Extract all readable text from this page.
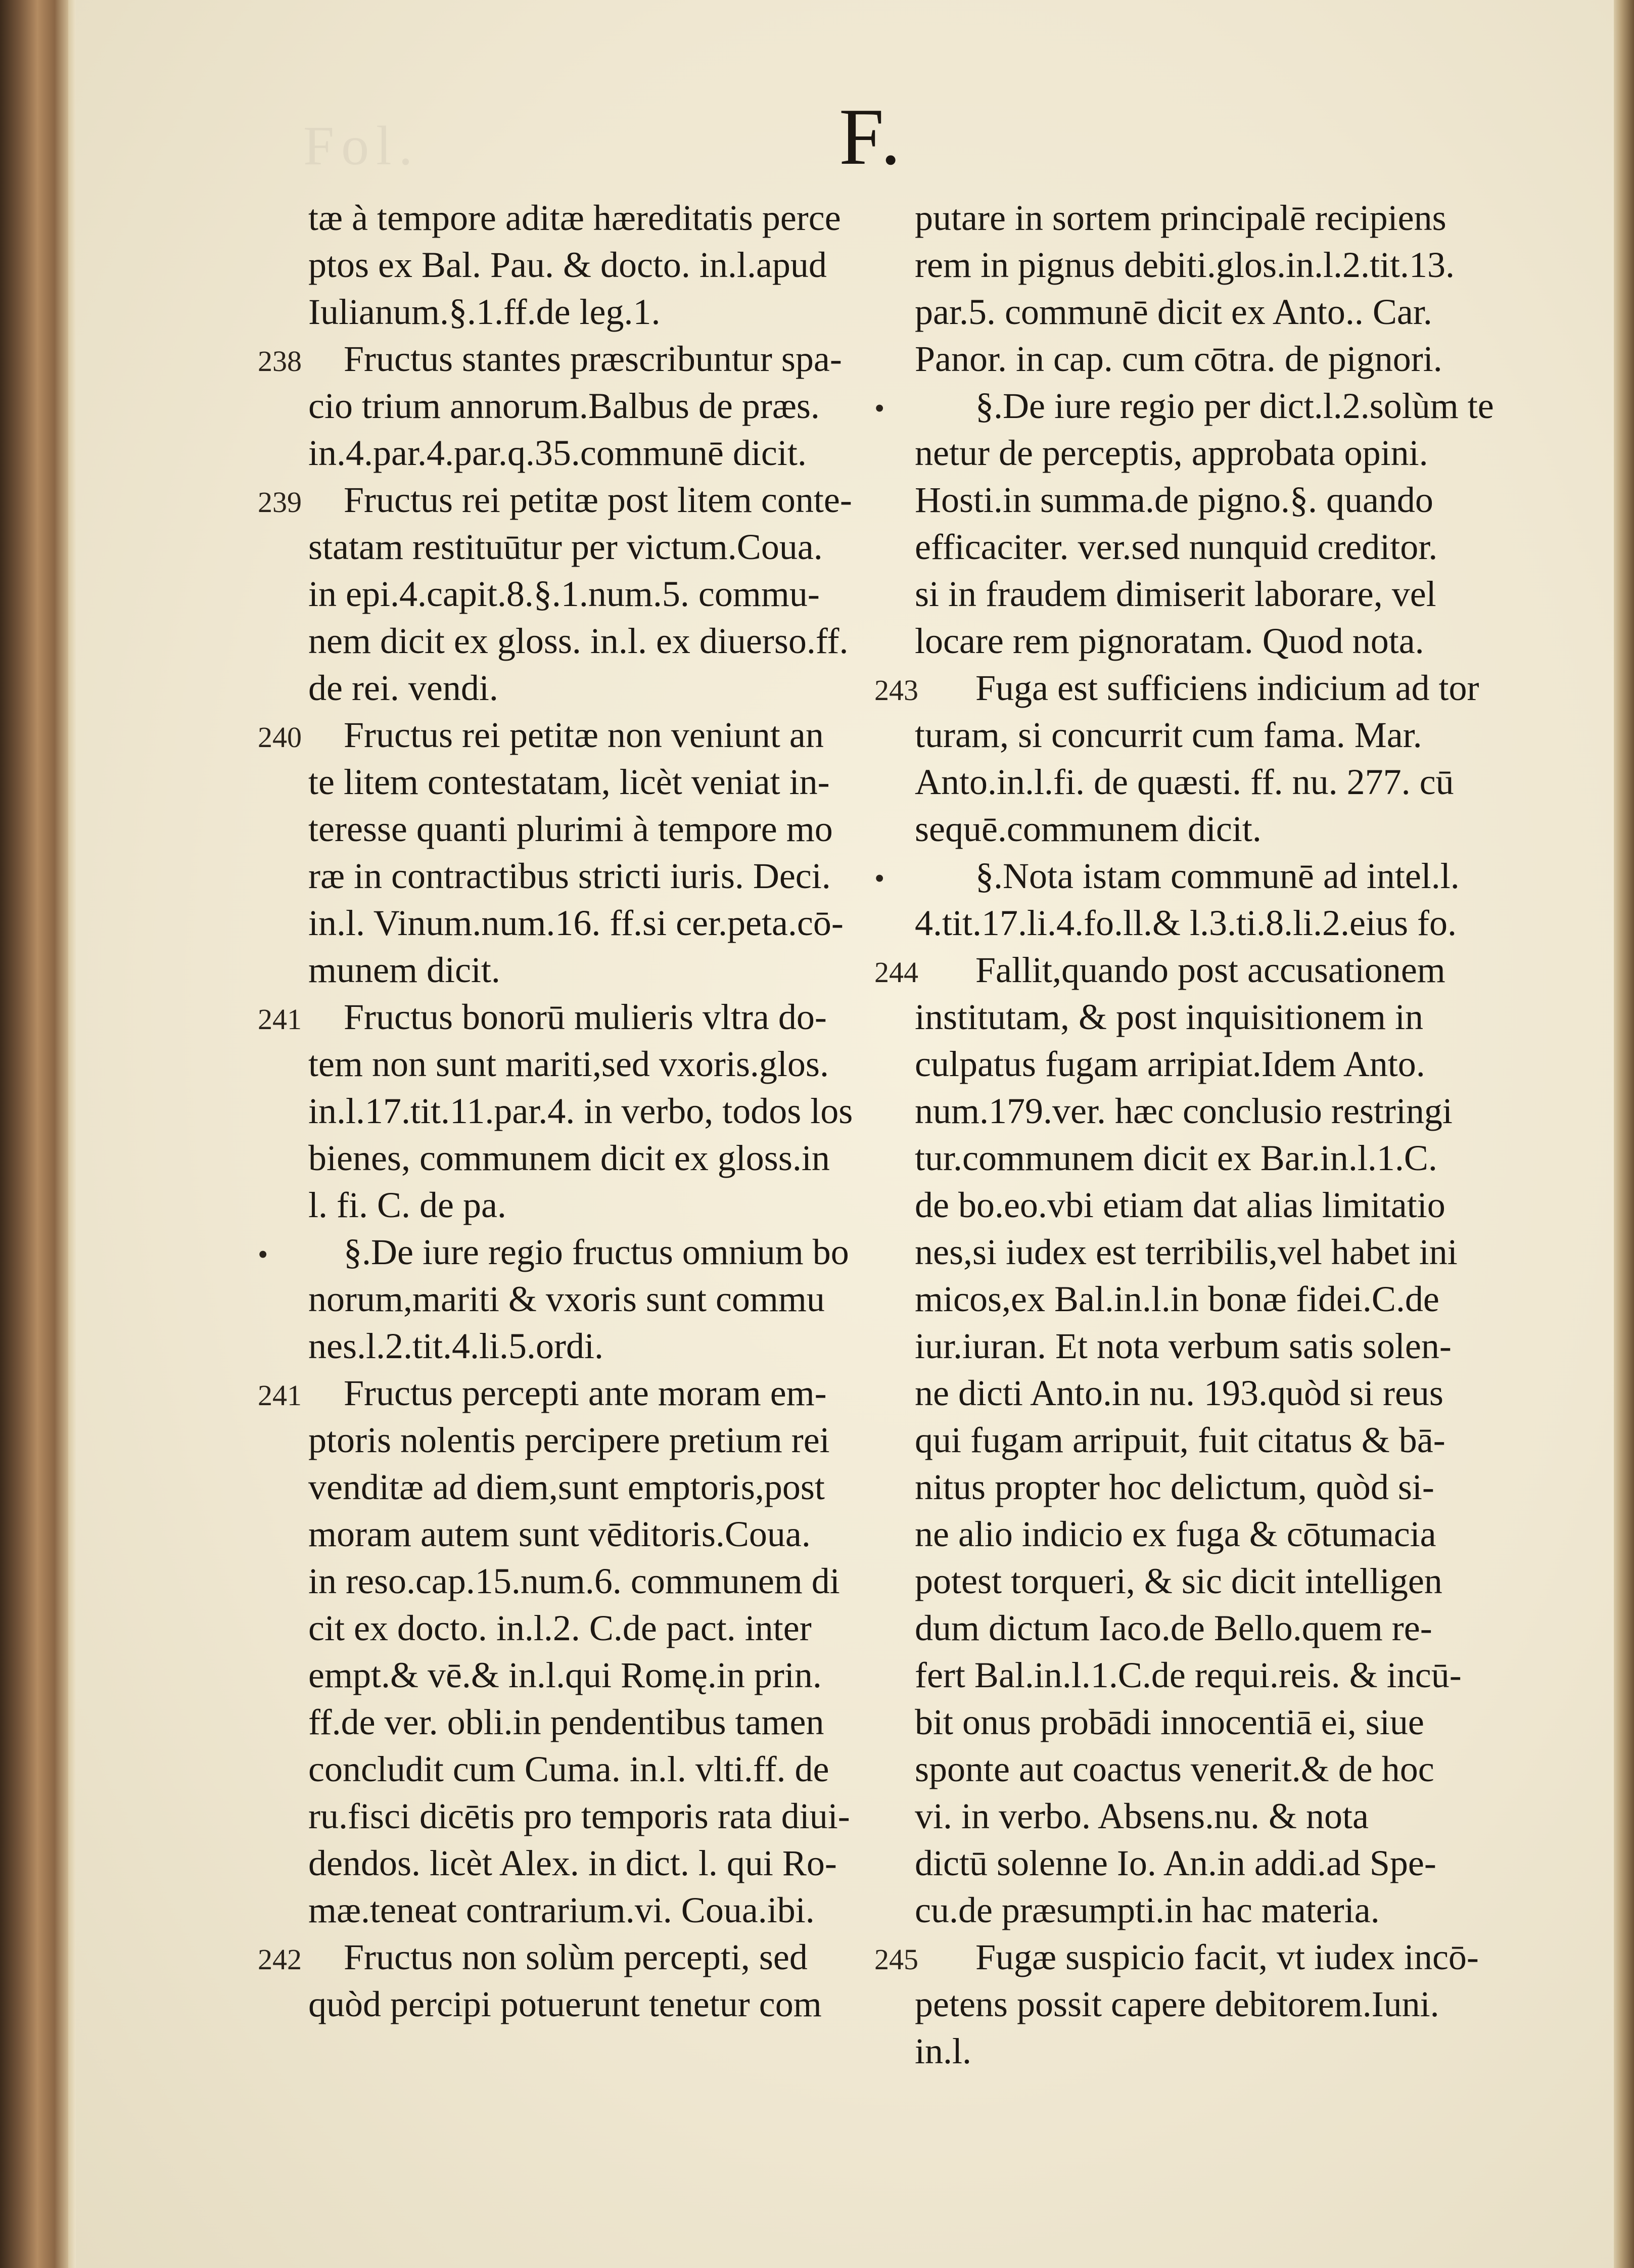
Fol.	F.
tæ à tempore aditæ hæreditatis perce
ptos ex Bal. Pau. & docto. in.l.apud
Iulianum.§.1.ff.de leg.1.
Fructus stantes præscribuntur spa-
238
cio trium annorum.Balbus de præs.
in.4.par.4.par.q.35.communē dicit.
Fructus rei petitæ post litem conte-
239
statam restituūtur per victum.Coua.
in epi.4.capit.8.§.1.num.5. commu-
nem dicit ex gloss. in.l. ex diuerso.ff.
de rei. vendi.
Fructus rei petitæ non veniunt an
240
te litem contestatam, licèt veniat in-
teresse quanti plurimi à tempore mo
ræ in contractibus stricti iuris. Deci.
in.l. Vinum.num.16. ff.si cer.peta.cō-
munem dicit.
Fructus bonorū mulieris vltra do-
241
tem non sunt mariti,sed vxoris.glos.
in.l.17.tit.11.par.4. in verbo, todos los
bienes, communem dicit ex gloss.in
l. fi. C. de pa.
§.De iure regio fructus omnium bo
•
norum,mariti & vxoris sunt commu
nes.l.2.tit.4.li.5.ordi.
Fructus percepti ante moram em-
241
ptoris nolentis percipere pretium rei
venditæ ad diem,sunt emptoris,post
moram autem sunt vēditoris.Coua.
in reso.cap.15.num.6. communem di
cit ex docto. in.l.2. C.de pact. inter
empt.& vē.& in.l.qui Romę.in prin.
ff.de ver. obli.in pendentibus tamen
concludit cum Cuma. in.l. vlti.ff. de
ru.fisci dicētis pro temporis rata diui-
dendos. licèt Alex. in dict. l. qui Ro-
mæ.teneat contrarium.vi. Coua.ibi.
Fructus non solùm percepti, sed
242
quòd percipi potuerunt tenetur com
putare in sortem principalē recipiens
rem in pignus debiti.glos.in.l.2.tit.13.
par.5. communē dicit ex Anto.. Car.
Panor. in cap. cum cōtra. de pignori.
§.De iure regio per dict.l.2.solùm te
•
netur de perceptis, approbata opini.
Hosti.in summa.de pigno.§. quando
efficaciter. ver.sed nunquid creditor.
si in fraudem dimiserit laborare, vel
locare rem pignoratam. Quod nota.
Fuga est sufficiens indicium ad tor
243
turam, si concurrit cum fama. Mar.
Anto.in.l.fi. de quæsti. ff. nu. 277. cū
sequē.communem dicit.
§.Nota istam communē ad intel.l.
•
4.tit.17.li.4.fo.ll.& l.3.ti.8.li.2.eius fo.
Fallit,quando post accusationem
244
institutam, & post inquisitionem in
culpatus fugam arripiat.Idem Anto.
num.179.ver. hæc conclusio restringi
tur.communem dicit ex Bar.in.l.1.C.
de bo.eo.vbi etiam dat alias limitatio
nes,si iudex est terribilis,vel habet ini
micos,ex Bal.in.l.in bonæ fidei.C.de
iur.iuran. Et nota verbum satis solen-
ne dicti Anto.in nu. 193.quòd si reus
qui fugam arripuit, fuit citatus & bā-
nitus propter hoc delictum, quòd si-
ne alio indicio ex fuga & cōtumacia
potest torqueri, & sic dicit intelligen
dum dictum Iaco.de Bello.quem re-
fert Bal.in.l.1.C.de requi.reis. & incū-
bit onus probādi innocentiā ei, siue
sponte aut coactus venerit.& de hoc
vi. in verbo. Absens.nu. & nota
dictū solenne Io. An.in addi.ad Spe-
cu.de præsumpti.in hac materia.
Fugæ suspicio facit, vt iudex incō-
245
petens possit capere debitorem.Iuni.
in.l.
